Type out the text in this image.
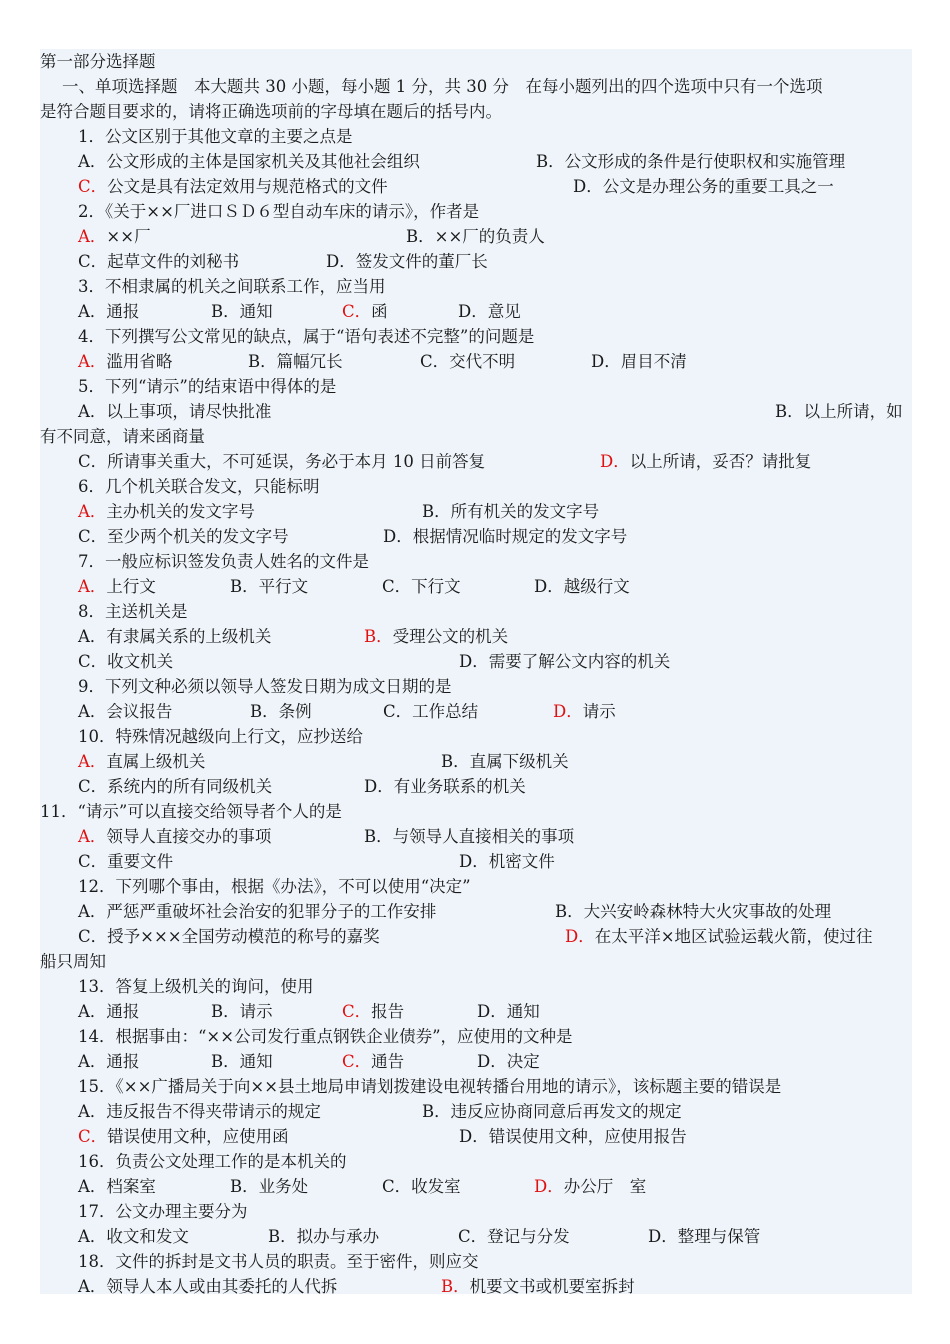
第一部分选择题
一、单项选择题　本大题共 30 小题，每小题 1 分，共 30 分　在每小题列出的四个选项中只有一个选项
是符合题目要求的，请将正确选项前的字母填在题后的括号内。
1．公文区别于其他文章的主要之点是
A．公文形成的主体是国家机关及其他社会组织	B．公文形成的条件是行使职权和实施管理
C．公文是具有法定效用与规范格式的文件	D．公文是办理公务的重要工具之一
2．《关于××厂进口ＳＤ６型自动车床的请示》，作者是
A．××厂	B．××厂的负责人
C．起草文件的刘秘书	D．签发文件的董厂长
3．不相隶属的机关之间联系工作，应当用
A．通报	B．通知	C．函	D．意见
4．下列撰写公文常见的缺点，属于“语句表述不完整”的问题是
A．滥用省略	B．篇幅冗长	C．交代不明	D．眉目不清
5．下列“请示”的结束语中得体的是
A．以上事项，请尽快批准	B．以上所请，如
有不同意，请来函商量
C．所请事关重大，不可延误，务必于本月 10 日前答复	D．以上所请，妥否？请批复
6．几个机关联合发文，只能标明
A．主办机关的发文字号	B．所有机关的发文字号
C．至少两个机关的发文字号	D．根据情况临时规定的发文字号
7．一般应标识签发负责人姓名的文件是
A．上行文	B．平行文	C．下行文	D．越级行文
8．主送机关是
A．有隶属关系的上级机关	B．受理公文的机关
C．收文机关	D．需要了解公文内容的机关
9．下列文种必须以领导人签发日期为成文日期的是
A．会议报告	B．条例	C．工作总结	D．请示
10．特殊情况越级向上行文，应抄送给
A．直属上级机关	B．直属下级机关
C．系统内的所有同级机关	D．有业务联系的机关
11．“请示”可以直接交给领导者个人的是
A．领导人直接交办的事项	B．与领导人直接相关的事项
C．重要文件	D．机密文件
12．下列哪个事由，根据《办法》，不可以使用“决定”
A．严惩严重破坏社会治安的犯罪分子的工作安排	B．大兴安岭森林特大火灾事故的处理
C．授予×××全国劳动模范的称号的嘉奖	D．在太平洋×地区试验运载火箭，使过往
船只周知
13．答复上级机关的询问，使用
A．通报	B．请示	C．报告	D．通知
14．根据事由：“××公司发行重点钢铁企业债券”，应使用的文种是
A．通报	B．通知	C．通告	D．决定
15．《××广播局关于向××县土地局申请划拨建设电视转播台用地的请示》，该标题主要的错误是
A．违反报告不得夹带请示的规定	B．违反应协商同意后再发文的规定
C．错误使用文种，应使用函	D．错误使用文种，应使用报告
16．负责公文处理工作的是本机关的
A．档案室	B．业务处	C．收发室	D．办公厅　室
17．公文办理主要分为
A．收文和发文	B．拟办与承办	C．登记与分发	D．整理与保管
18．文件的拆封是文书人员的职责。至于密件，则应交
A．领导人本人或由其委托的人代拆	B．机要文书或机要室拆封
